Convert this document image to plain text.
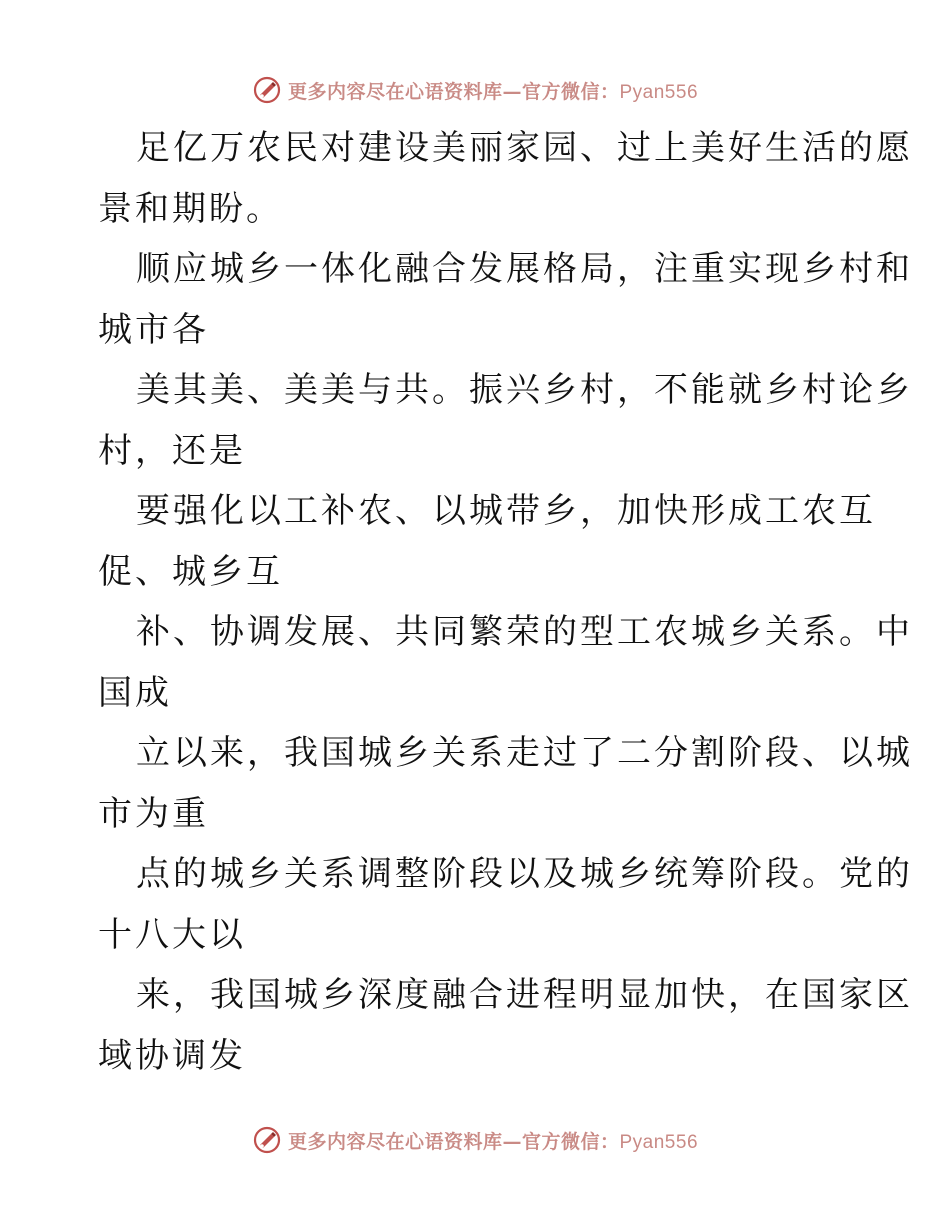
更多内容尽在心语资料库—官方微信：Pyan556
足亿万农民对建设美丽家园、过上美好生活的愿
景和期盼。
顺应城乡一体化融合发展格局，注重实现乡村和
城市各
美其美、美美与共。振兴乡村，不能就乡村论乡
村，还是
要强化以工补农、以城带乡，加快形成工农互
促、城乡互
补、协调发展、共同繁荣的型工农城乡关系。中
国成
立以来，我国城乡关系走过了二分割阶段、以城
市为重
点的城乡关系调整阶段以及城乡统筹阶段。党的
十八大以
来，我国城乡深度融合进程明显加快，在国家区
域协调发
更多内容尽在心语资料库—官方微信：Pyan556
